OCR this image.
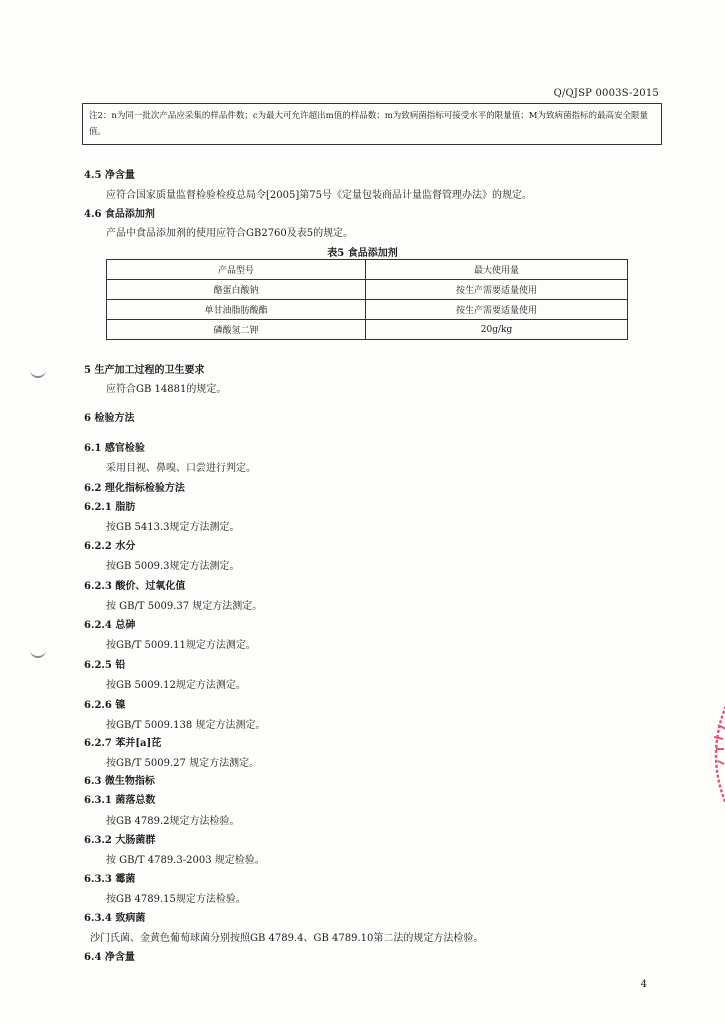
Q/QJSP 0003S-2015
注2：n为同一批次产品应采集的样品件数；c为最大可允许超出m值的样品数；m为致病菌指标可接受水平的限量值；M为致病菌指标的最高安全限量值。
4.5 净含量
应符合国家质量监督检验检疫总局令[2005]第75号《定量包装商品计量监督管理办法》的规定。
4.6 食品添加剂
产品中食品添加剂的使用应符合GB2760及表5的规定。
表5 食品添加剂
产品型号	最大使用量
酪蛋白酸钠	按生产需要适量使用
单甘油脂肪酸酯	按生产需要适量使用
磷酸氢二钾	20g/kg
5 生产加工过程的卫生要求
应符合GB 14881的规定。
6 检验方法
6.1 感官检验
采用目视、鼻嗅、口尝进行判定。
6.2 理化指标检验方法
6.2.1 脂肪
按GB 5413.3规定方法测定。
6.2.2 水分
按GB 5009.3规定方法测定。
6.2.3 酸价、过氧化值
按 GB/T 5009.37 规定方法测定。
6.2.4 总砷
按GB/T 5009.11规定方法测定。
6.2.5 铅
按GB 5009.12规定方法测定。
6.2.6 镍
按GB/T 5009.138 规定方法测定。
6.2.7 苯并[a]芘
按GB/T 5009.27 规定方法测定。
6.3 微生物指标
6.3.1 菌落总数
按GB 4789.2规定方法检验。
6.3.2 大肠菌群
按 GB/T 4789.3-2003 规定检验。
6.3.3 霉菌
按GB 4789.15规定方法检验。
6.3.4 致病菌
沙门氏菌、金黄色葡萄球菌分别按照GB 4789.4、GB 4789.10第二法的规定方法检验。
6.4 净含量
4
